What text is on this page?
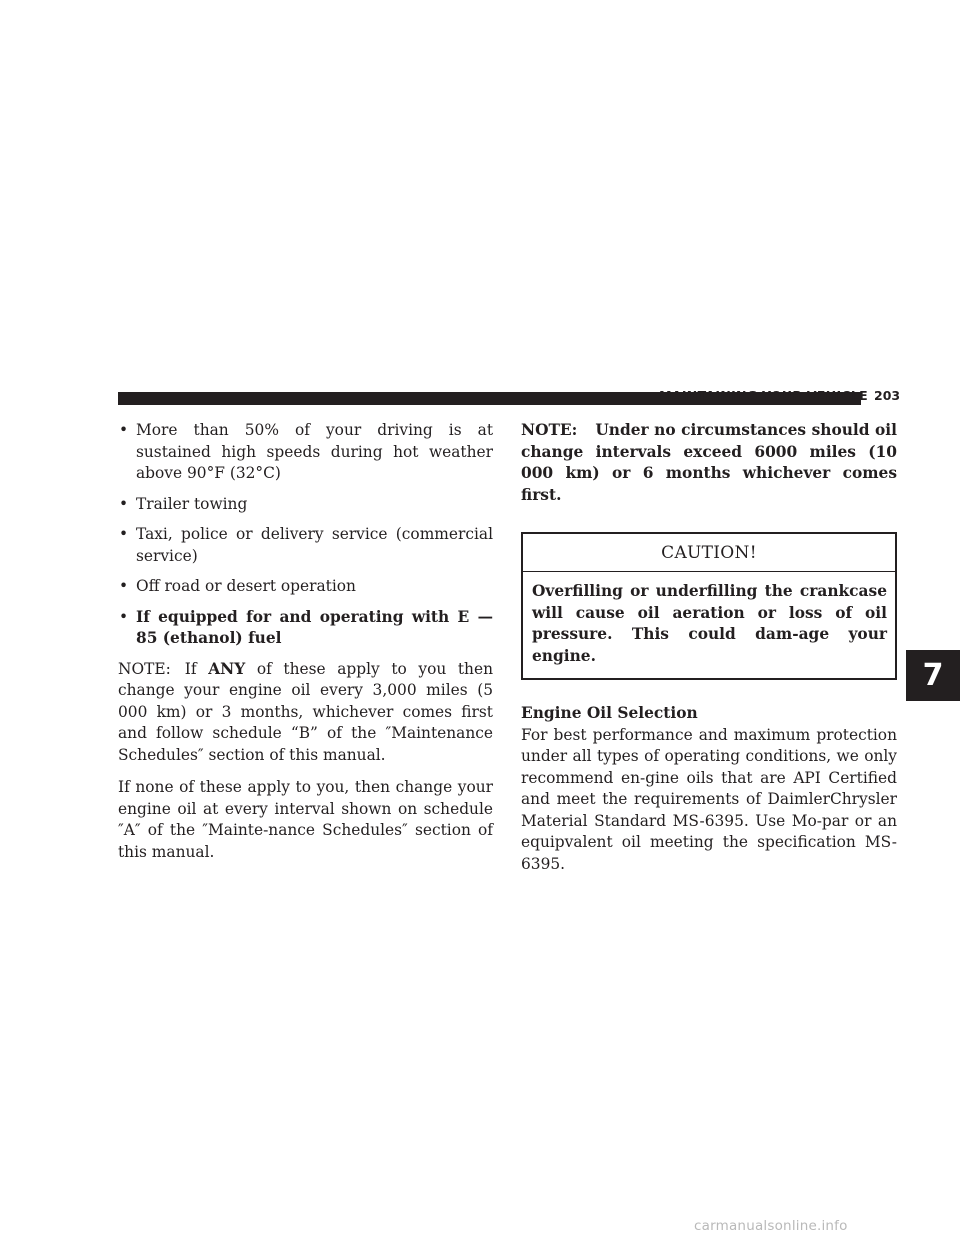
MAINTAINING YOUR VEHICLE 203
• More than 50% of your driving is at sustained high speeds during hot weather above 90°F (32°C)
• Trailer towing
• Taxi, police or delivery service (commercial service)
• Off road or desert operation
• If equipped for and operating with E —85 (ethanol) fuel

NOTE: If ANY of these apply to you then change your engine oil every 3,000 miles (5 000 km) or 3 months, whichever comes first and follow schedule “B” of the ″Maintenance Schedules″ section of this manual.

If none of these apply to you, then change your engine oil at every interval shown on schedule ″A″ of the ″Mainte-nance Schedules″ section of this manual.

NOTE: Under no circumstances should oil change intervals exceed 6000 miles (10 000 km) or 6 months whichever comes first.

CAUTION!
Overfilling or underfilling the crankcase will cause oil aeration or loss of oil pressure. This could dam-age your engine.

Engine Oil Selection

For best performance and maximum protection under all types of operating conditions, we only recommend en-gine oils that are API Certified and meet the requirements of DaimlerChrysler Material Standard MS-6395. Use Mo-par or an equipvalent oil meeting the specification MS-6395.

7
carmanualsonline.info
